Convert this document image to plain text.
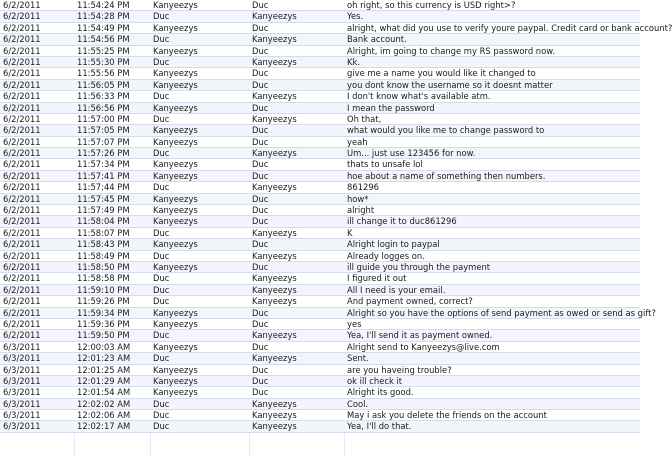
6/2/2011	11:54:24 PM	Kanyeezys	Duc	oh right, so this currency is USD right>?
6/2/2011	11:54:28 PM	Duc	Kanyeezys	Yes.
6/2/2011	11:54:49 PM	Kanyeezys	Duc	alright, what did you use to verify youre paypal. Credit card or bank account?
6/2/2011	11:54:56 PM	Duc	Kanyeezys	Bank account.
6/2/2011	11:55:25 PM	Kanyeezys	Duc	Alright, im going to change my RS password now.
6/2/2011	11:55:30 PM	Duc	Kanyeezys	Kk.
6/2/2011	11:55:56 PM	Kanyeezys	Duc	give me a name you would like it changed to
6/2/2011	11:56:05 PM	Kanyeezys	Duc	you dont know the username so it doesnt matter
6/2/2011	11:56:33 PM	Duc	Kanyeezys	I don't know what's available atm.
6/2/2011	11:56:56 PM	Kanyeezys	Duc	I mean the password
6/2/2011	11:57:00 PM	Duc	Kanyeezys	Oh that,
6/2/2011	11:57:05 PM	Kanyeezys	Duc	what would you like me to change password to
6/2/2011	11:57:07 PM	Kanyeezys	Duc	yeah
6/2/2011	11:57:26 PM	Duc	Kanyeezys	Um... just use 123456 for now.
6/2/2011	11:57:34 PM	Kanyeezys	Duc	thats to unsafe lol
6/2/2011	11:57:41 PM	Kanyeezys	Duc	hoe about a name of something then numbers.
6/2/2011	11:57:44 PM	Duc	Kanyeezys	861296
6/2/2011	11:57:45 PM	Kanyeezys	Duc	how*
6/2/2011	11:57:49 PM	Kanyeezys	Duc	alright
6/2/2011	11:58:04 PM	Kanyeezys	Duc	ill change it to duc861296
6/2/2011	11:58:07 PM	Duc	Kanyeezys	K
6/2/2011	11:58:43 PM	Kanyeezys	Duc	Alright login to paypal
6/2/2011	11:58:49 PM	Duc	Kanyeezys	Already logges on.
6/2/2011	11:58:50 PM	Kanyeezys	Duc	ill guide you through the payment
6/2/2011	11:58:58 PM	Duc	Kanyeezys	I figured it out
6/2/2011	11:59:10 PM	Duc	Kanyeezys	All I need is your email.
6/2/2011	11:59:26 PM	Duc	Kanyeezys	And payment owned, correct?
6/2/2011	11:59:34 PM	Kanyeezys	Duc	Alright so you have the options of send payment as owed or send as gift?
6/2/2011	11:59:36 PM	Kanyeezys	Duc	yes
6/2/2011	11:59:50 PM	Duc	Kanyeezys	Yea, I'll send it as payment owned.
6/3/2011	12:00:03 AM	Kanyeezys	Duc	Alright send to Kanyeezys@live.com
6/3/2011	12:01:23 AM	Duc	Kanyeezys	Sent.
6/3/2011	12:01:25 AM	Kanyeezys	Duc	are you haveing trouble?
6/3/2011	12:01:29 AM	Kanyeezys	Duc	ok ill check it
6/3/2011	12:01:54 AM	Kanyeezys	Duc	Alright its good.
6/3/2011	12:02:02 AM	Duc	Kanyeezys	Cool.
6/3/2011	12:02:06 AM	Duc	Kanyeezys	May i ask you delete the friends on the account
6/3/2011	12:02:17 AM	Duc	Kanyeezys	Yea, I'll do that.
